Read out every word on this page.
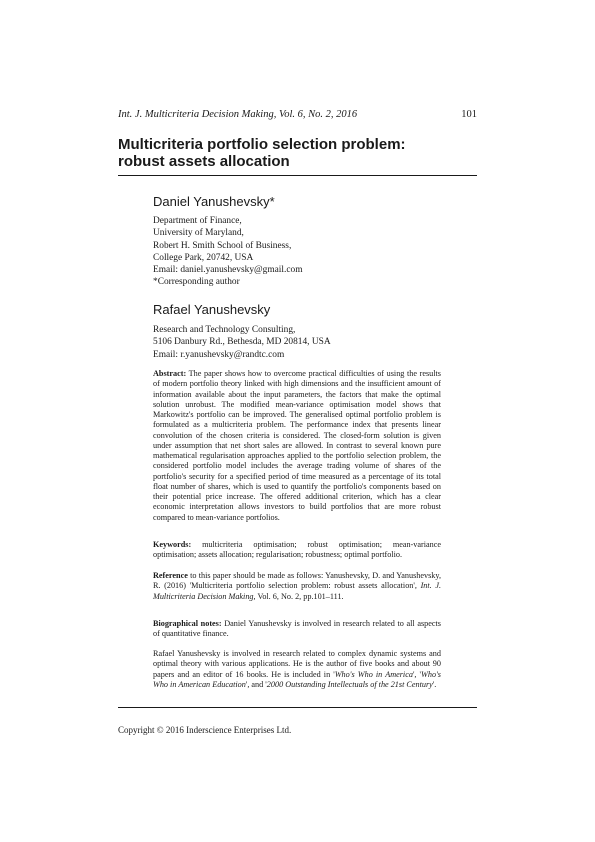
Int. J. Multicriteria Decision Making, Vol. 6, No. 2, 2016	101
Multicriteria portfolio selection problem:
robust assets allocation
Daniel Yanushevsky*
Department of Finance,
University of Maryland,
Robert H. Smith School of Business,
College Park, 20742, USA
Email: daniel.yanushevsky@gmail.com
*Corresponding author
Rafael Yanushevsky
Research and Technology Consulting,
5106 Danbury Rd., Bethesda, MD 20814, USA
Email: r.yanushevsky@randtc.com
Abstract: The paper shows how to overcome practical difficulties of using the results of modern portfolio theory linked with high dimensions and the insufficient amount of information available about the input parameters, the factors that make the optimal solution unrobust. The modified mean-variance optimisation model shows that Markowitz's portfolio can be improved. The generalised optimal portfolio problem is formulated as a multicriteria problem. The performance index that presents linear convolution of the chosen criteria is considered. The closed-form solution is given under assumption that net short sales are allowed. In contrast to several known pure mathematical regularisation approaches applied to the portfolio selection problem, the considered portfolio model includes the average trading volume of shares of the portfolio's security for a specified period of time measured as a percentage of its total float number of shares, which is used to quantify the portfolio's components based on their potential price increase. The offered additional criterion, which has a clear economic interpretation allows investors to build portfolios that are more robust compared to mean-variance portfolios.
Keywords: multicriteria optimisation; robust optimisation; mean-variance optimisation; assets allocation; regularisation; robustness; optimal portfolio.
Reference to this paper should be made as follows: Yanushevsky, D. and Yanushevsky, R. (2016) 'Multicriteria portfolio selection problem: robust assets allocation', Int. J. Multicriteria Decision Making, Vol. 6, No. 2, pp.101–111.
Biographical notes: Daniel Yanushevsky is involved in research related to all aspects of quantitative finance.
Rafael Yanushevsky is involved in research related to complex dynamic systems and optimal theory with various applications. He is the author of five books and about 90 papers and an editor of 16 books. He is included in 'Who's Who in America', 'Who's Who in American Education', and '2000 Outstanding Intellectuals of the 21st Century'.
Copyright © 2016 Inderscience Enterprises Ltd.
